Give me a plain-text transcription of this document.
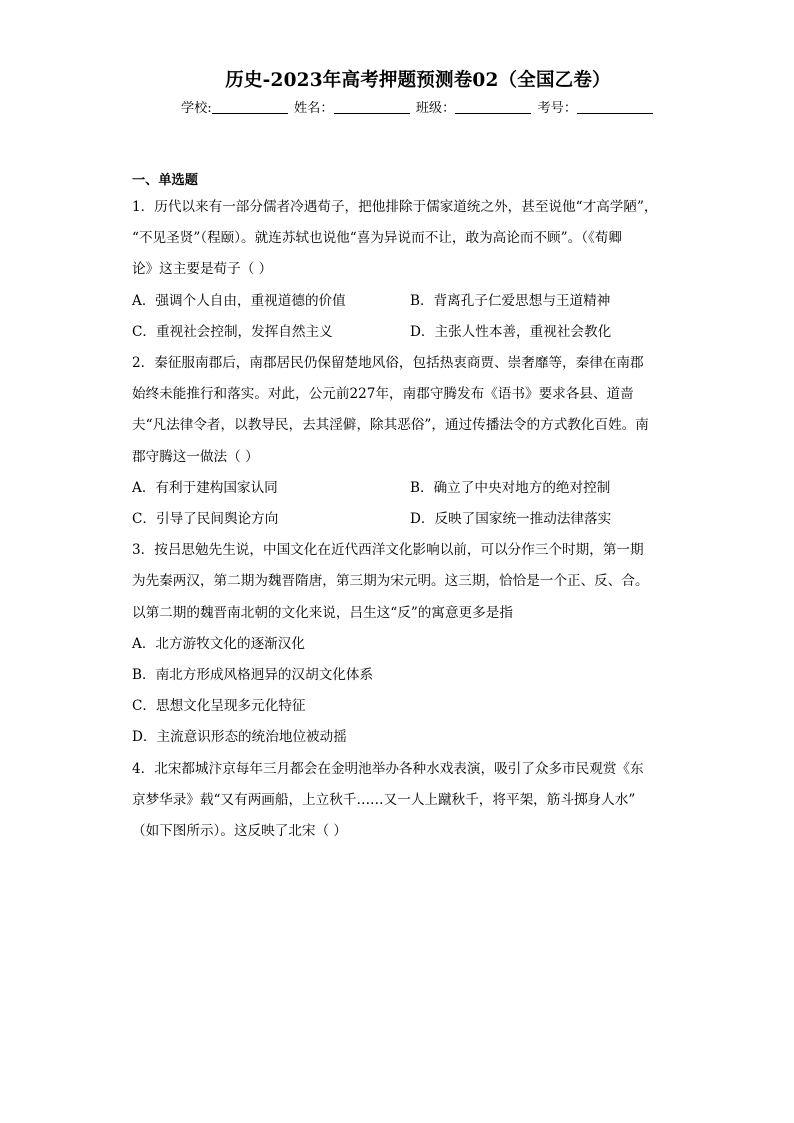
历史-2023年高考押题预测卷02（全国乙卷）
学校:	姓名：	班级：	考号：
一、单选题
1．历代以来有一部分儒者冷遇荀子，把他排除于儒家道统之外，甚至说他“才高学陋”，
“不见圣贤”（程颐）。就连苏轼也说他“喜为异说而不让，敢为高论而不顾”。（《荀卿
论》这主要是荀子（ ）
A．强调个人自由，重视道德的价值	B．背离孔子仁爱思想与王道精神
C．重视社会控制，发挥自然主义	D．主张人性本善，重视社会教化
2．秦征服南郡后，南郡居民仍保留楚地风俗，包括热衷商贾、崇奢靡等，秦律在南郡
始终未能推行和落实。对此，公元前227年，南郡守腾发布《语书》要求各县、道啬
夫“凡法律令者，以教导民，去其淫僻，除其恶俗”，通过传播法令的方式教化百姓。南
郡守腾这一做法（ ）
A．有利于建构国家认同	B．确立了中央对地方的绝对控制
C．引导了民间舆论方向	D．反映了国家统一推动法律落实
3．按吕思勉先生说，中国文化在近代西洋文化影响以前，可以分作三个时期，第一期
为先秦两汉，第二期为魏晋隋唐，第三期为宋元明。这三期，恰恰是一个正、反、合。
以第二期的魏晋南北朝的文化来说，吕生这“反”的寓意更多是指
A．北方游牧文化的逐渐汉化
B．南北方形成风格迥异的汉胡文化体系
C．思想文化呈现多元化特征
D．主流意识形态的统治地位被动摇
4．北宋都城汴京每年三月都会在金明池举办各种水戏表演，吸引了众多市民观赏《东
京梦华录》载“又有两画船，上立秋千……又一人上蹴秋千，将平架，筋斗掷身人水”
（如下图所示）。这反映了北宋（ ）
